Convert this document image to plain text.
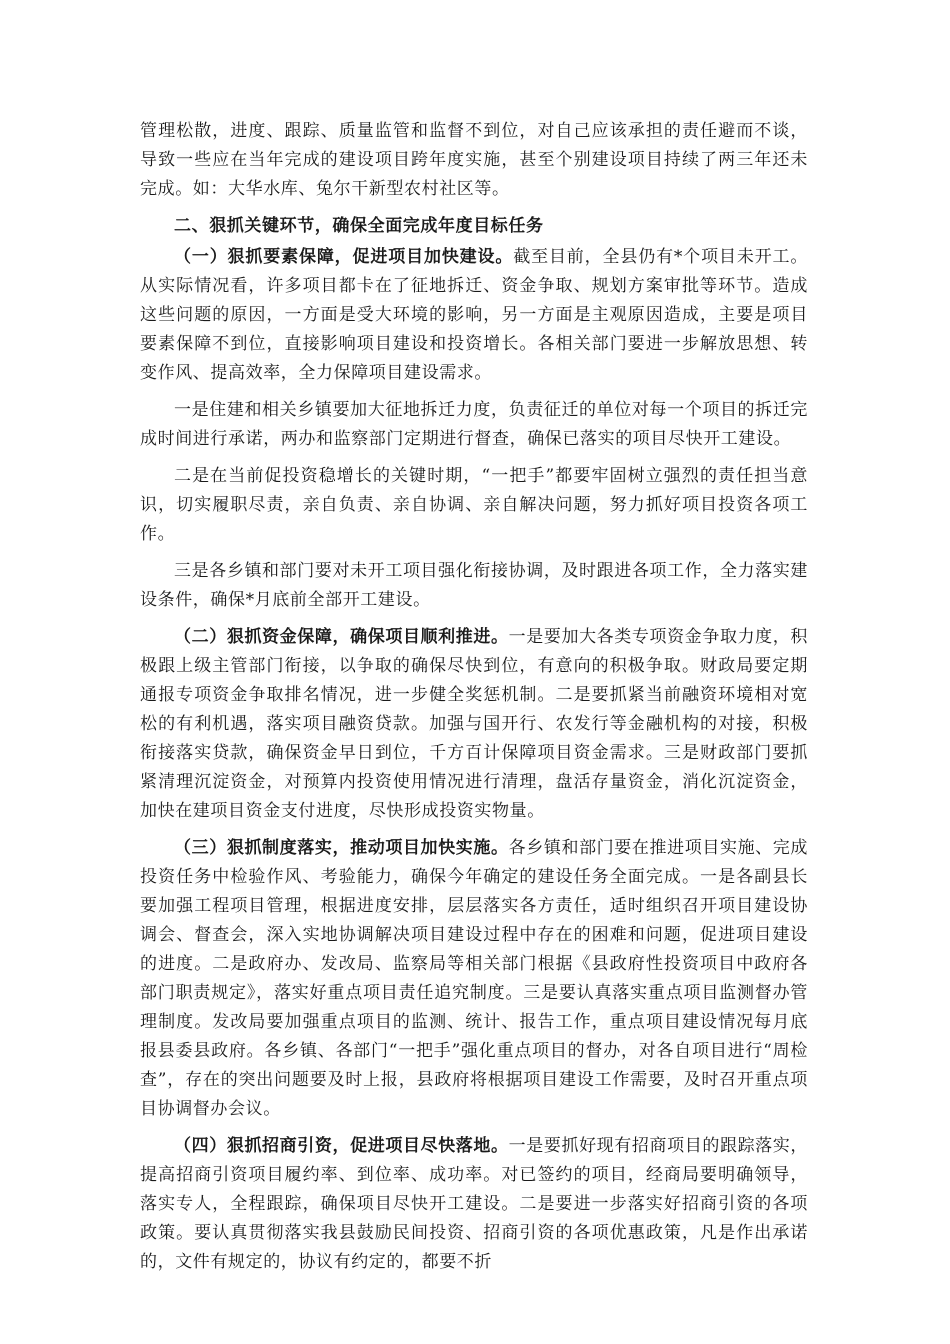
管理松散，进度、跟踪、质量监管和监督不到位，对自己应该承担的责任避而不谈，导致一些应在当年完成的建设项目跨年度实施，甚至个别建设项目持续了两三年还未完成。如：大华水库、兔尔干新型农村社区等。

二、狠抓关键环节，确保全面完成年度目标任务

（一）狠抓要素保障，促进项目加快建设。截至目前，全县仍有*个项目未开工。从实际情况看，许多项目都卡在了征地拆迁、资金争取、规划方案审批等环节。造成这些问题的原因，一方面是受大环境的影响，另一方面是主观原因造成，主要是项目要素保障不到位，直接影响项目建设和投资增长。各相关部门要进一步解放思想、转变作风、提高效率，全力保障项目建设需求。

一是住建和相关乡镇要加大征地拆迁力度，负责征迁的单位对每一个项目的拆迁完成时间进行承诺，两办和监察部门定期进行督查，确保已落实的项目尽快开工建设。

二是在当前促投资稳增长的关键时期，“一把手”都要牢固树立强烈的责任担当意识，切实履职尽责，亲自负责、亲自协调、亲自解决问题，努力抓好项目投资各项工作。

三是各乡镇和部门要对未开工项目强化衔接协调，及时跟进各项工作，全力落实建设条件，确保*月底前全部开工建设。

（二）狠抓资金保障，确保项目顺利推进。一是要加大各类专项资金争取力度，积极跟上级主管部门衔接，以争取的确保尽快到位，有意向的积极争取。财政局要定期通报专项资金争取排名情况，进一步健全奖惩机制。二是要抓紧当前融资环境相对宽松的有利机遇，落实项目融资贷款。加强与国开行、农发行等金融机构的对接，积极衔接落实贷款，确保资金早日到位，千方百计保障项目资金需求。三是财政部门要抓紧清理沉淀资金，对预算内投资使用情况进行清理，盘活存量资金，消化沉淀资金，加快在建项目资金支付进度，尽快形成投资实物量。

（三）狠抓制度落实，推动项目加快实施。各乡镇和部门要在推进项目实施、完成投资任务中检验作风、考验能力，确保今年确定的建设任务全面完成。一是各副县长要加强工程项目管理，根据进度安排，层层落实各方责任，适时组织召开项目建设协调会、督查会，深入实地协调解决项目建设过程中存在的困难和问题，促进项目建设的进度。二是政府办、发改局、监察局等相关部门根据《县政府性投资项目中政府各部门职责规定》，落实好重点项目责任追究制度。三是要认真落实重点项目监测督办管理制度。发改局要加强重点项目的监测、统计、报告工作，重点项目建设情况每月底报县委县政府。各乡镇、各部门“一把手”强化重点项目的督办，对各自项目进行“周检查”，存在的突出问题要及时上报，县政府将根据项目建设工作需要，及时召开重点项目协调督办会议。

（四）狠抓招商引资，促进项目尽快落地。一是要抓好现有招商项目的跟踪落实，提高招商引资项目履约率、到位率、成功率。对已签约的项目，经商局要明确领导，落实专人，全程跟踪，确保项目尽快开工建设。二是要进一步落实好招商引资的各项政策。要认真贯彻落实我县鼓励民间投资、招商引资的各项优惠政策，凡是作出承诺的，文件有规定的，协议有约定的，都要不折
